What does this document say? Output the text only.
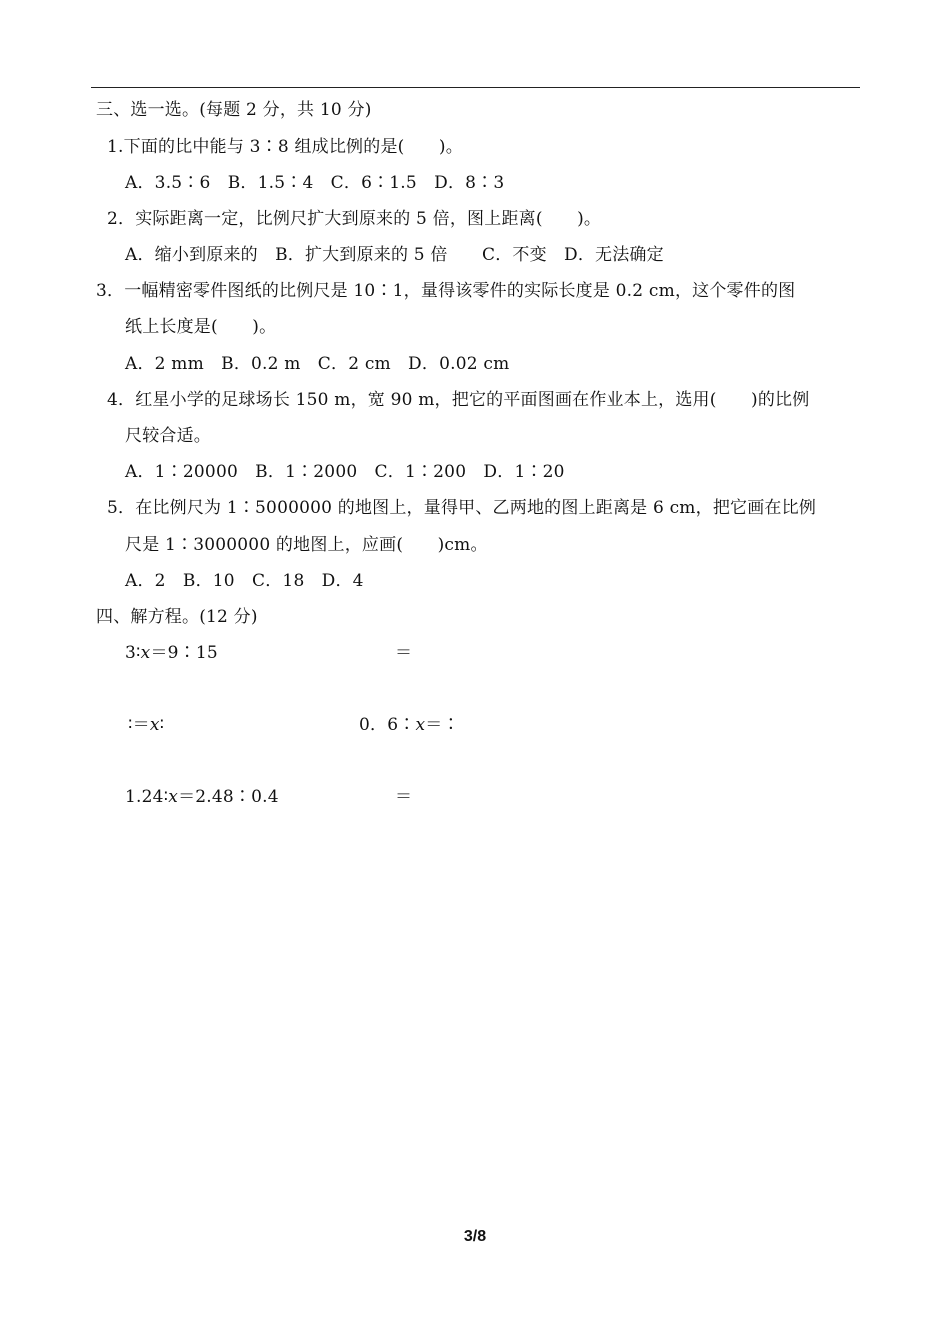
三、选一选。(每题 2 分，共 10 分)
1.下面的比中能与 3∶8 组成比例的是(　　)。
A．3.5∶6　B．1.5∶4　C．6∶1.5　D．8∶3
2．实际距离一定，比例尺扩大到原来的 5 倍，图上距离(　　)。
A．缩小到原来的　B．扩大到原来的 5 倍　　C．不变　D．无法确定
3．一幅精密零件图纸的比例尺是 10∶1，量得该零件的实际长度是 0.2 cm，这个零件的图
纸上长度是(　　)。
A．2 mm　B．0.2 m　C．2 cm　D．0.02 cm
4．红星小学的足球场长 150 m，宽 90 m，把它的平面图画在作业本上，选用(　　)的比例
尺较合适。
A．1∶20000　B．1∶2000　C．1∶200　D．1∶20
5．在比例尺为 1∶5000000 的地图上，量得甲、乙两地的图上距离是 6 cm，把它画在比例
尺是 1∶3000000 的地图上，应画(　　)cm。
A．2　B．10　C．18　D．4
四、解方程。(12 分)
3∶x＝9∶15	＝
∶＝x∶	0．6∶x＝∶
1.24∶x＝2.48∶0.4	＝
3/8
